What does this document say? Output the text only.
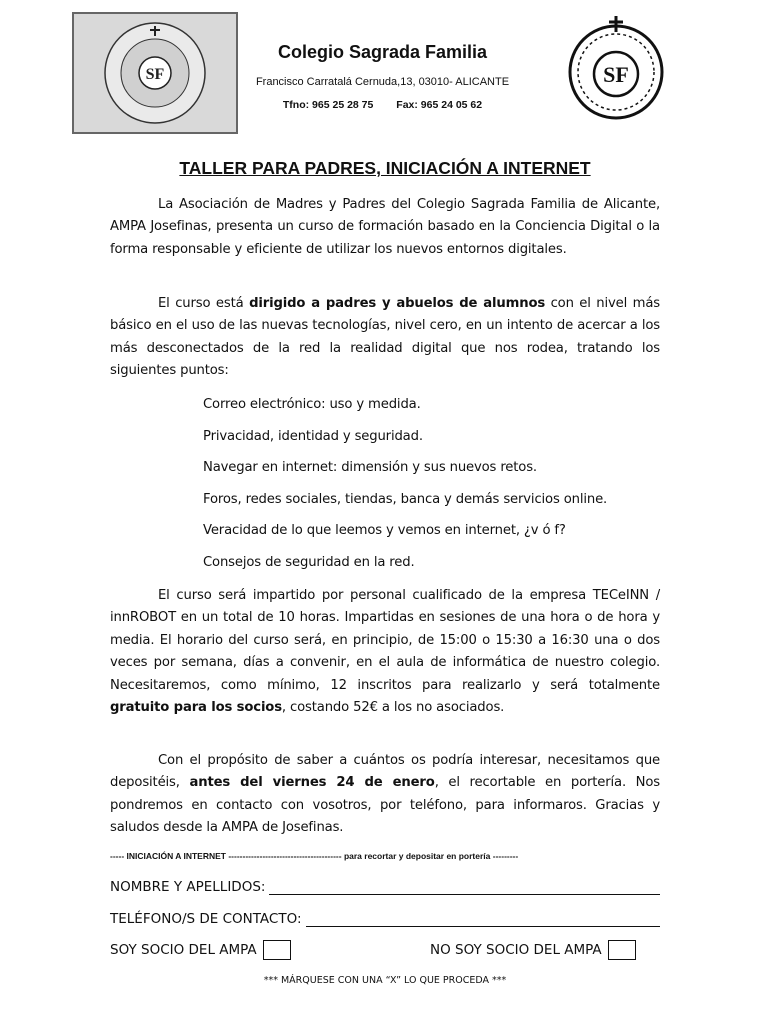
SF
Colegio Sagrada Familia
Francisco Carratalá Cernuda,13, 03010- ALICANTE
Tfno: 965 25 28 75 Fax: 965 24 05 62
SF
TALLER PARA PADRES, INICIACIÓN A INTERNET

La Asociación de Madres y Padres del Colegio Sagrada Familia de Alicante, AMPA Josefinas, presenta un curso de formación basado en la Conciencia Digital o la forma responsable y eficiente de utilizar los nuevos entornos digitales.

El curso está dirigido a padres y abuelos de alumnos con el nivel más básico en el uso de las nuevas tecnologías, nivel cero, en un intento de acercar a los más desconectados de la red la realidad digital que nos rodea, tratando los siguientes puntos:

Correo electrónico: uso y medida.
Privacidad, identidad y seguridad.
Navegar en internet: dimensión y sus nuevos retos.
Foros, redes sociales, tiendas, banca y demás servicios online.
Veracidad de lo que leemos y vemos en internet, ¿v ó f?
Consejos de seguridad en la red.

El curso será impartido por personal cualificado de la empresa TECeINN / innROBOT en un total de 10 horas. Impartidas en sesiones de una hora o de hora y media. El horario del curso será, en principio, de 15:00 o 15:30 a 16:30 una o dos veces por semana, días a convenir, en el aula de informática de nuestro colegio. Necesitaremos, como mínimo, 12 inscritos para realizarlo y será totalmente gratuito para los socios, costando 52€ a los no asociados.

Con el propósito de saber a cuántos os podría interesar, necesitamos que depositéis, antes del viernes 24 de enero, el recortable en portería. Nos pondremos en contacto con vosotros, por teléfono, para informaros. Gracias y saludos desde la AMPA de Josefinas.

----- INICIACIÓN A INTERNET ---------------------------------------- para recortar y depositar en portería ---------
NOMBRE Y APELLIDOS:
TELÉFONO/S DE CONTACTO:
SOY SOCIO DEL AMPA	NO SOY SOCIO DEL AMPA
*** MÁRQUESE CON UNA “X” LO QUE PROCEDA ***
